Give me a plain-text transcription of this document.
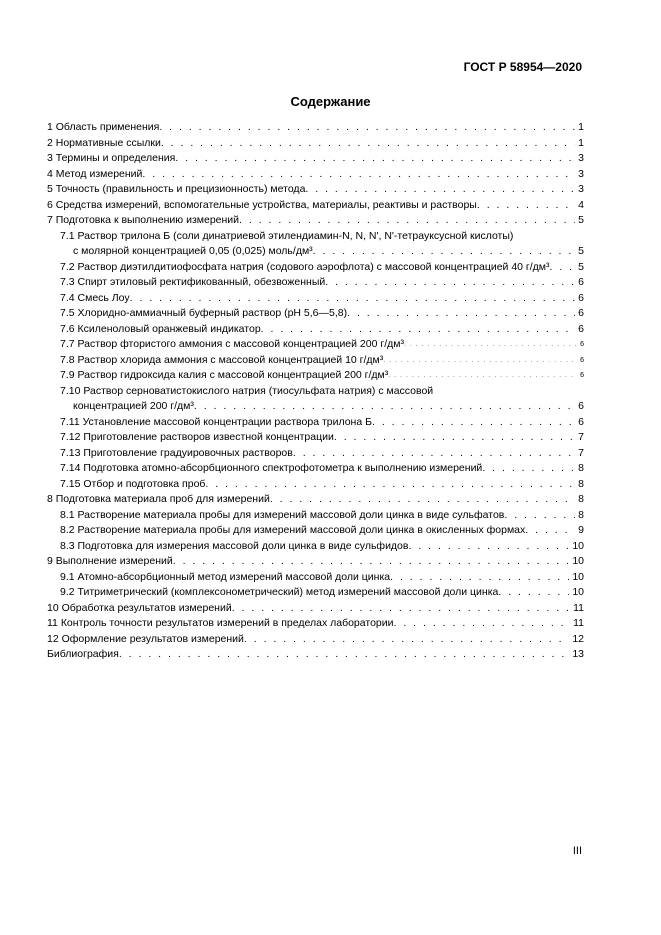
ГОСТ Р 58954—2020
Содержание
1 Область применения . . .	1
2 Нормативные ссылки . . .	1
3 Термины и определения . . .	3
4 Метод измерений . . .	3
5 Точность (правильность и прецизионность) метода . . .	3
6 Средства измерений, вспомогательные устройства, материалы, реактивы и растворы . . .	4
7 Подготовка к выполнению измерений . . .	5
7.1 Раствор трилона Б (соли динатриевой этилендиамин-N, N, N', N'-тетрауксусной кислоты)
с молярной концентрацией 0,05 (0,025) моль/дм³ . . .	5
7.2 Раствор диэтилдитиофосфата натрия (содового аэрофлота) с массовой концентрацией 40 г/дм³ . . .	5
7.3 Спирт этиловый ректификованный, обезвоженный . . .	6
7.4 Смесь Лоу . . .	6
7.5 Хлоридно-аммиачный буферный раствор (pH 5,6—5,8) . . .	6
7.6 Ксиленоловый оранжевый индикатор . . .	6
7.7 Раствор фтористого аммония с массовой концентрацией 200 г/дм³ . . .	6
7.8 Раствор хлорида аммония с массовой концентрацией 10 г/дм³ . . .	6
7.9 Раствор гидроксида калия с массовой концентрацией 200 г/дм³ . . .	6
7.10 Раствор серноватистокислого натрия (тиосульфата натрия) с массовой
концентрацией 200 г/дм³ . . .	6
7.11 Установление массовой концентрации раствора трилона Б . . .	6
7.12 Приготовление растворов известной концентрации . . .	7
7.13 Приготовление градуировочных растворов . . .	7
7.14 Подготовка атомно-абсорбционного спектрофотометра к выполнению измерений . . .	8
7.15 Отбор и подготовка проб . . .	8
8 Подготовка материала проб для измерений . . .	8
8.1 Растворение материала пробы для измерений массовой доли цинка в виде сульфатов . . .	8
8.2 Растворение материала пробы для измерений массовой доли цинка в окисленных формах . . .	9
8.3 Подготовка для измерения массовой доли цинка в виде сульфидов . . .	10
9 Выполнение измерений . . .	10
9.1 Атомно-абсорбционный метод измерений массовой доли цинка . . .	10
9.2 Титриметрический (комплексонометрический) метод измерений массовой доли цинка . . .	10
10 Обработка результатов измерений . . .	11
11 Контроль точности результатов измерений в пределах лаборатории . . .	11
12 Оформление результатов измерений . . .	12
Библиография . . .	13
III
